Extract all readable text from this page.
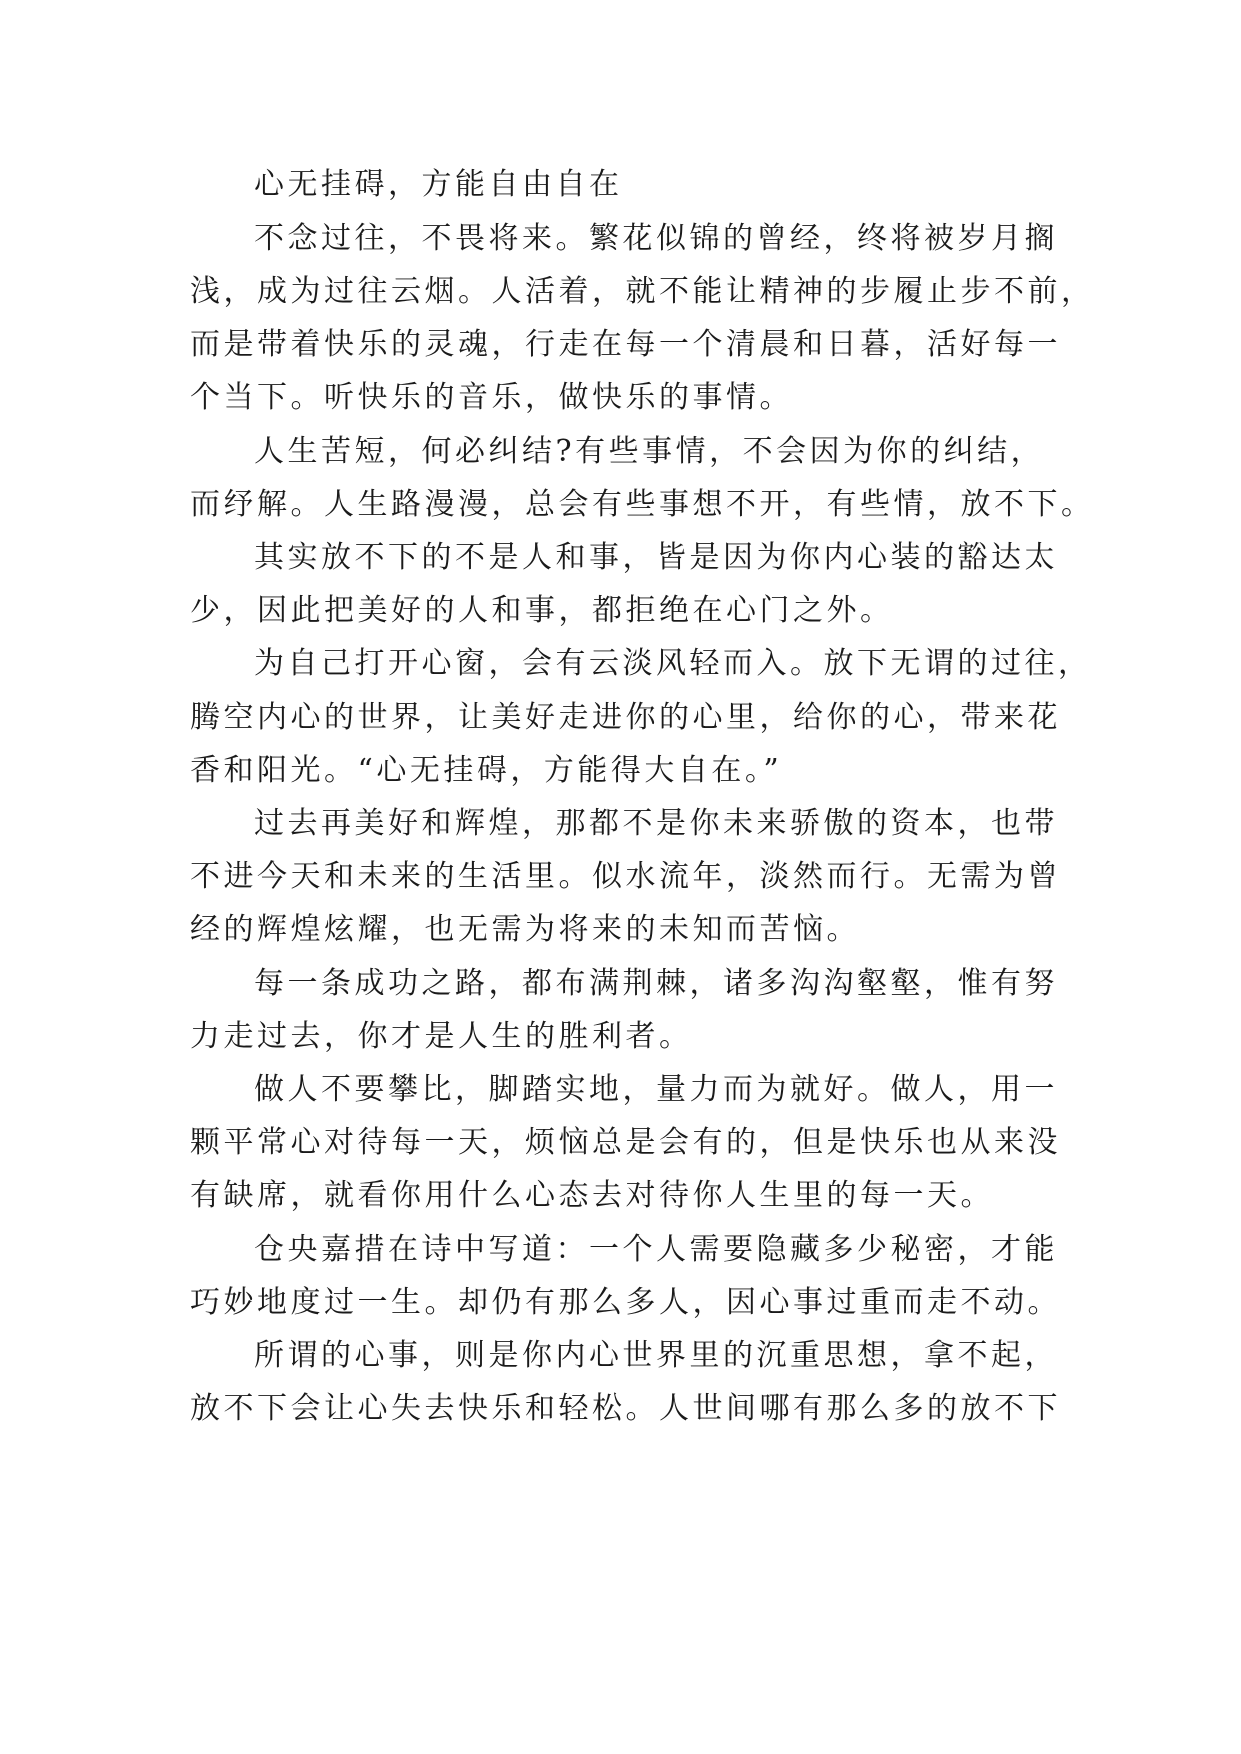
心无挂碍，方能自由自在
不念过往，不畏将来。繁花似锦的曾经，终将被岁月搁
浅，成为过往云烟。人活着，就不能让精神的步履止步不前，
而是带着快乐的灵魂，行走在每一个清晨和日暮，活好每一
个当下。听快乐的音乐，做快乐的事情。
人生苦短，何必纠结?有些事情，不会因为你的纠结，
而纾解。人生路漫漫，总会有些事想不开，有些情，放不下。
其实放不下的不是人和事，皆是因为你内心装的豁达太
少，因此把美好的人和事，都拒绝在心门之外。
为自己打开心窗，会有云淡风轻而入。放下无谓的过往，
腾空内心的世界，让美好走进你的心里，给你的心，带来花
香和阳光。“心无挂碍，方能得大自在。”
过去再美好和辉煌，那都不是你未来骄傲的资本，也带
不进今天和未来的生活里。似水流年，淡然而行。无需为曾
经的辉煌炫耀，也无需为将来的未知而苦恼。
每一条成功之路，都布满荆棘，诸多沟沟壑壑，惟有努
力走过去，你才是人生的胜利者。
做人不要攀比，脚踏实地，量力而为就好。做人，用一
颗平常心对待每一天，烦恼总是会有的，但是快乐也从来没
有缺席，就看你用什么心态去对待你人生里的每一天。
仓央嘉措在诗中写道：一个人需要隐藏多少秘密，才能
巧妙地度过一生。却仍有那么多人，因心事过重而走不动。
所谓的心事，则是你内心世界里的沉重思想，拿不起，
放不下会让心失去快乐和轻松。人世间哪有那么多的放不下
